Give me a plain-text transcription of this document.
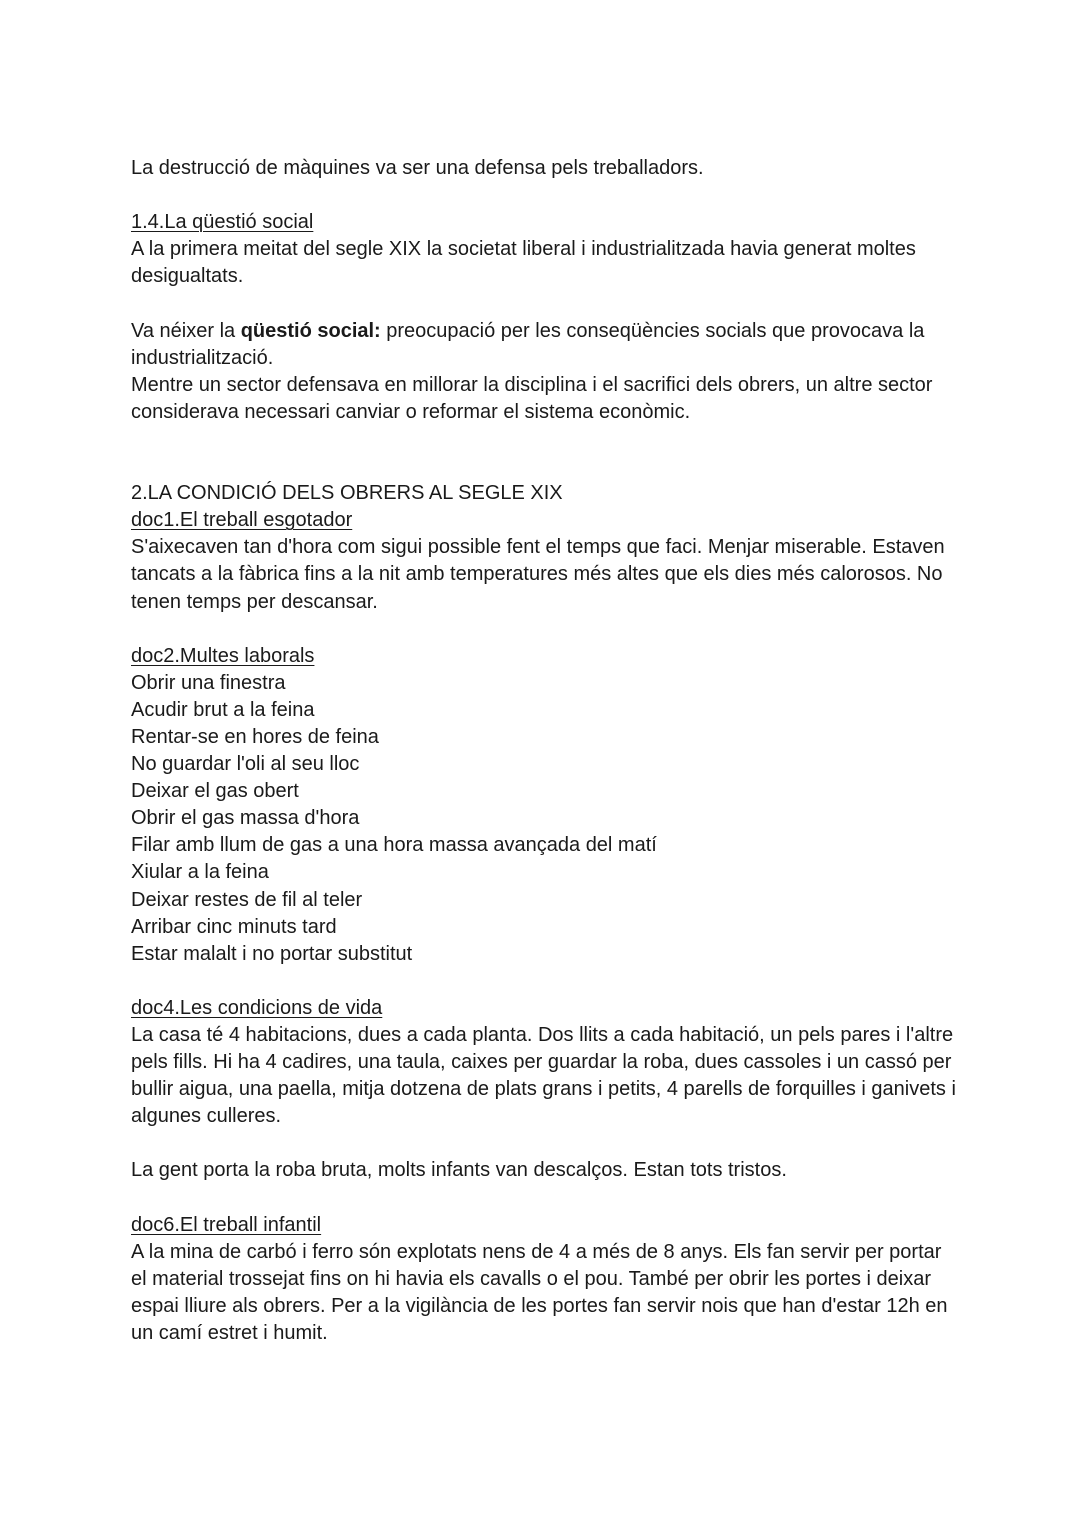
La destrucció de màquines va ser una defensa pels treballadors.

1.4.La qüestió social

A la primera meitat del segle XIX la societat liberal i industrialitzada havia generat moltes desigualtats.

Va néixer la qüestió social: preocupació per les conseqüències socials que provocava la industrialització.

Mentre un sector defensava en millorar la disciplina i el sacrifici dels obrers, un altre sector considerava necessari canviar o reformar el sistema econòmic.

2.LA CONDICIÓ DELS OBRERS AL SEGLE XIX

doc1.El treball esgotador

S'aixecaven tan d'hora com sigui possible fent el temps que faci. Menjar miserable. Estaven tancats a la fàbrica fins a la nit amb temperatures més altes que els dies més calorosos. No tenen temps per descansar.

doc2.Multes laborals

Obrir una finestra
Acudir brut a la feina
Rentar-se en hores de feina
No guardar l'oli al seu lloc
Deixar el gas obert
Obrir el gas massa d'hora
Filar amb llum de gas a una hora massa avançada del matí
Xiular a la feina
Deixar restes de fil al teler
Arribar cinc minuts tard
Estar malalt i no portar substitut

doc4.Les condicions de vida

La casa té 4 habitacions, dues a cada planta. Dos llits a cada habitació, un pels pares i l'altre pels fills. Hi ha 4 cadires, una taula, caixes per guardar la roba, dues cassoles i un cassó per bullir aigua, una paella, mitja dotzena de plats grans i petits, 4 parells de forquilles i ganivets i algunes culleres.

La gent porta la roba bruta, molts infants van descalços. Estan tots tristos.

doc6.El treball infantil

A la mina de carbó i ferro són explotats nens de 4 a més de 8 anys. Els fan servir per portar el material trossejat fins on hi havia els cavalls o el pou. També per obrir les portes i deixar espai lliure als obrers. Per a la vigilància de les portes fan servir nois que han d'estar 12h en un camí estret i humit.
